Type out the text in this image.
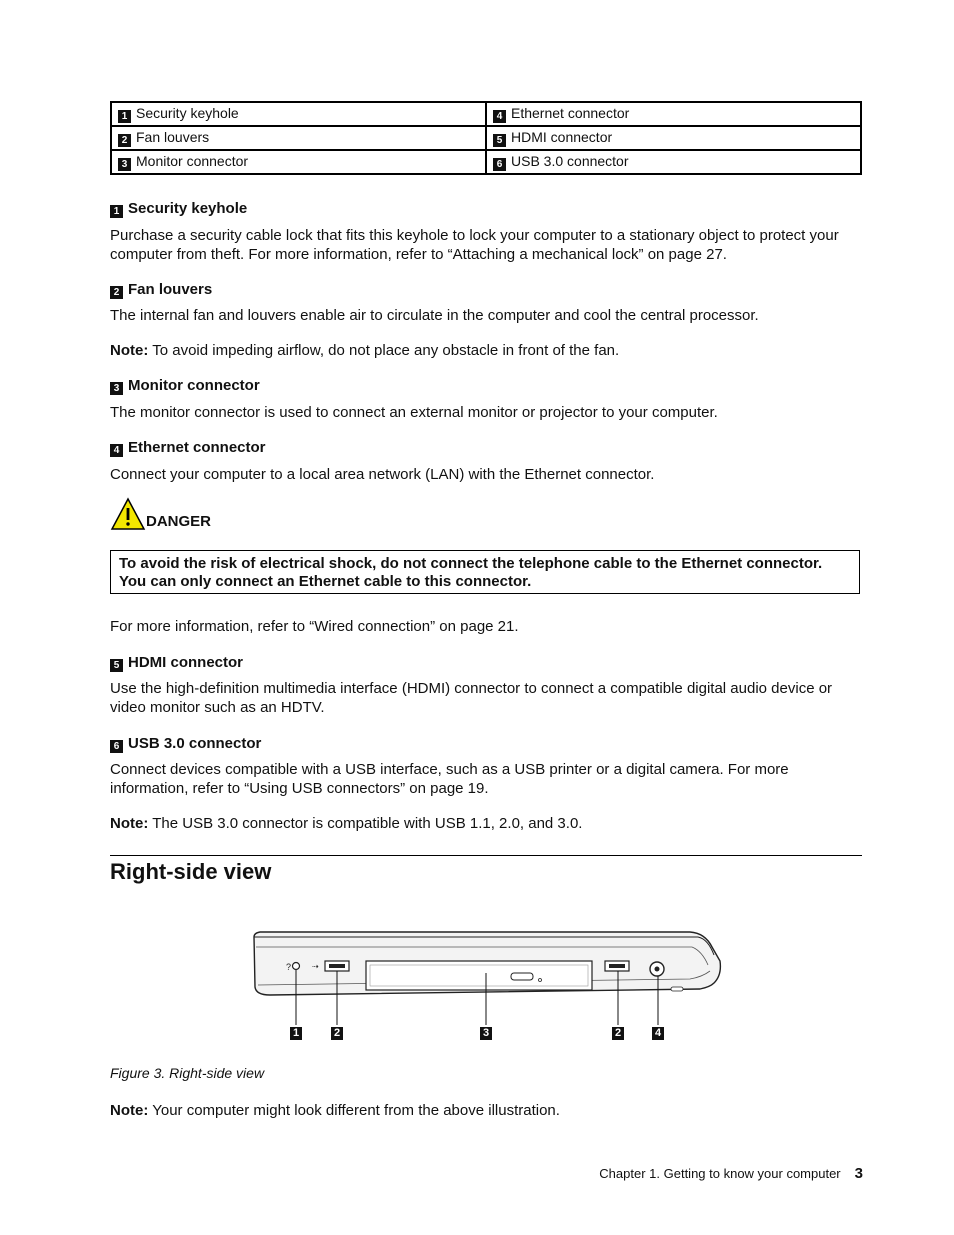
1 Security keyhole	4 Ethernet connector
2 Fan louvers	5 HDMI connector
3 Monitor connector	6 USB 3.0 connector
1 Security keyhole
Purchase a security cable lock that fits this keyhole to lock your computer to a stationary object to protect your computer from theft. For more information, refer to “Attaching a mechanical lock” on page 27.
2 Fan louvers
The internal fan and louvers enable air to circulate in the computer and cool the central processor.
Note: To avoid impeding airflow, do not place any obstacle in front of the fan.
3 Monitor connector
The monitor connector is used to connect an external monitor or projector to your computer.
4 Ethernet connector
Connect your computer to a local area network (LAN) with the Ethernet connector.
DANGER
To avoid the risk of electrical shock, do not connect the telephone cable to the Ethernet connector. You can only connect an Ethernet cable to this connector.
For more information, refer to “Wired connection” on page 21.
5 HDMI connector
Use the high-definition multimedia interface (HDMI) connector to connect a compatible digital audio device or video monitor such as an HDTV.
6 USB 3.0 connector
Connect devices compatible with a USB interface, such as a USB printer or a digital camera. For more information, refer to “Using USB connectors” on page 19.
Note: The USB 3.0 connector is compatible with USB 1.1, 2.0, and 3.0.
Right-side view
?	⇢
1	2	3	2	4
Figure 3. Right-side view
Note: Your computer might look different from the above illustration.
Chapter 1. Getting to know your computer 3
